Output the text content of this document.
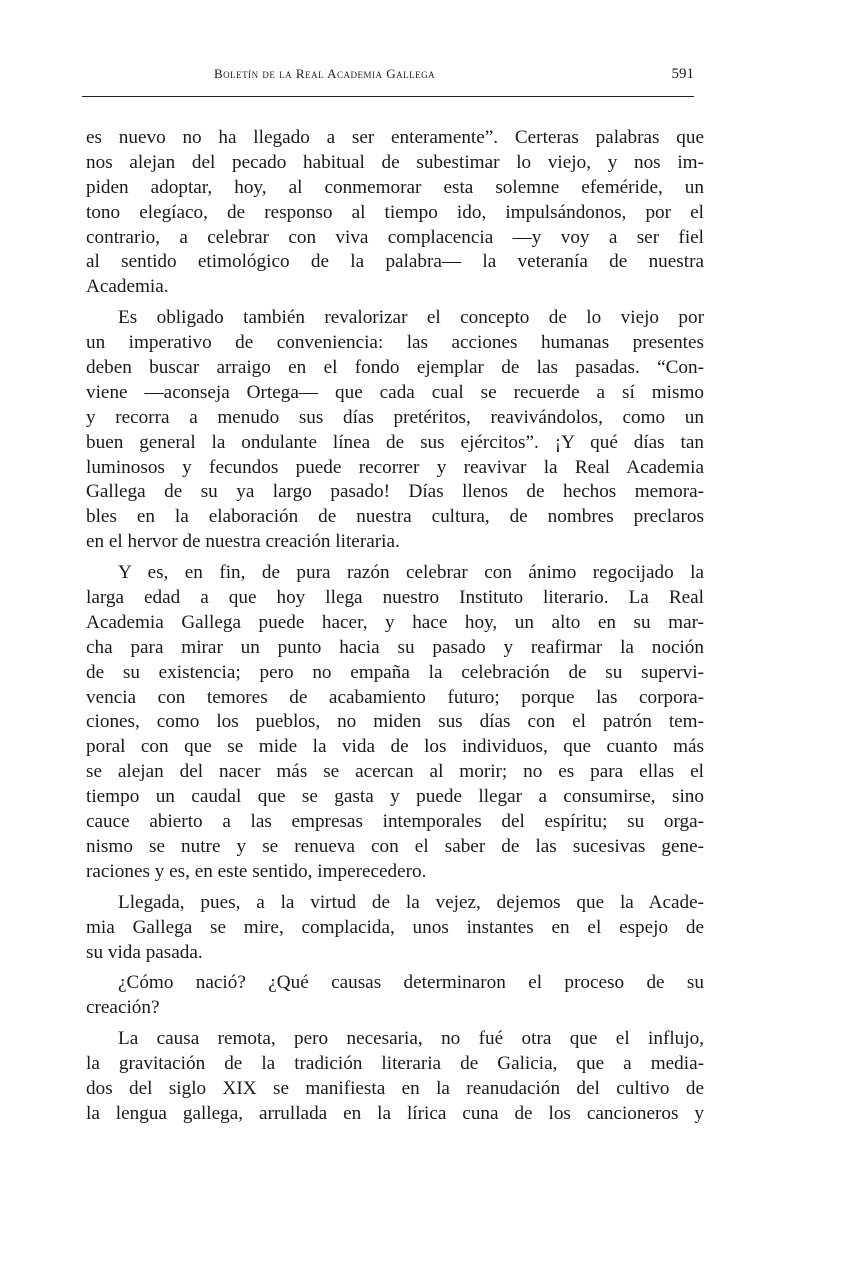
Boletín de la Real Academia Gallega	591
es nuevo no ha llegado a ser enteramente”. Certeras palabras que
nos alejan del pecado habitual de subestimar lo viejo, y nos im-
piden adoptar, hoy, al conmemorar esta solemne efeméride, un
tono elegíaco, de responso al tiempo ido, impulsándonos, por el
contrario, a celebrar con viva complacencia —y voy a ser fiel
al sentido etimológico de la palabra— la veteranía de nuestra
Academia.
Es obligado también revalorizar el concepto de lo viejo por
un imperativo de conveniencia: las acciones humanas presentes
deben buscar arraigo en el fondo ejemplar de las pasadas. “Con-
viene —aconseja Ortega— que cada cual se recuerde a sí mismo
y recorra a menudo sus días pretéritos, reavivándolos, como un
buen general la ondulante línea de sus ejércitos”. ¡Y qué días tan
luminosos y fecundos puede recorrer y reavivar la Real Academia
Gallega de su ya largo pasado! Días llenos de hechos memora-
bles en la elaboración de nuestra cultura, de nombres preclaros
en el hervor de nuestra creación literaria.
Y es, en fin, de pura razón celebrar con ánimo regocijado la
larga edad a que hoy llega nuestro Instituto literario. La Real
Academia Gallega puede hacer, y hace hoy, un alto en su mar-
cha para mirar un punto hacia su pasado y reafirmar la noción
de su existencia; pero no empaña la celebración de su supervi-
vencia con temores de acabamiento futuro; porque las corpora-
ciones, como los pueblos, no miden sus días con el patrón tem-
poral con que se mide la vida de los individuos, que cuanto más
se alejan del nacer más se acercan al morir; no es para ellas el
tiempo un caudal que se gasta y puede llegar a consumirse, sino
cauce abierto a las empresas intemporales del espíritu; su orga-
nismo se nutre y se renueva con el saber de las sucesivas gene-
raciones y es, en este sentido, imperecedero.
Llegada, pues, a la virtud de la vejez, dejemos que la Acade-
mia Gallega se mire, complacida, unos instantes en el espejo de
su vida pasada.
¿Cómo nació? ¿Qué causas determinaron el proceso de su
creación?
La causa remota, pero necesaria, no fué otra que el influjo,
la gravitación de la tradición literaria de Galicia, que a media-
dos del siglo XIX se manifiesta en la reanudación del cultivo de
la lengua gallega, arrullada en la lírica cuna de los cancioneros y
